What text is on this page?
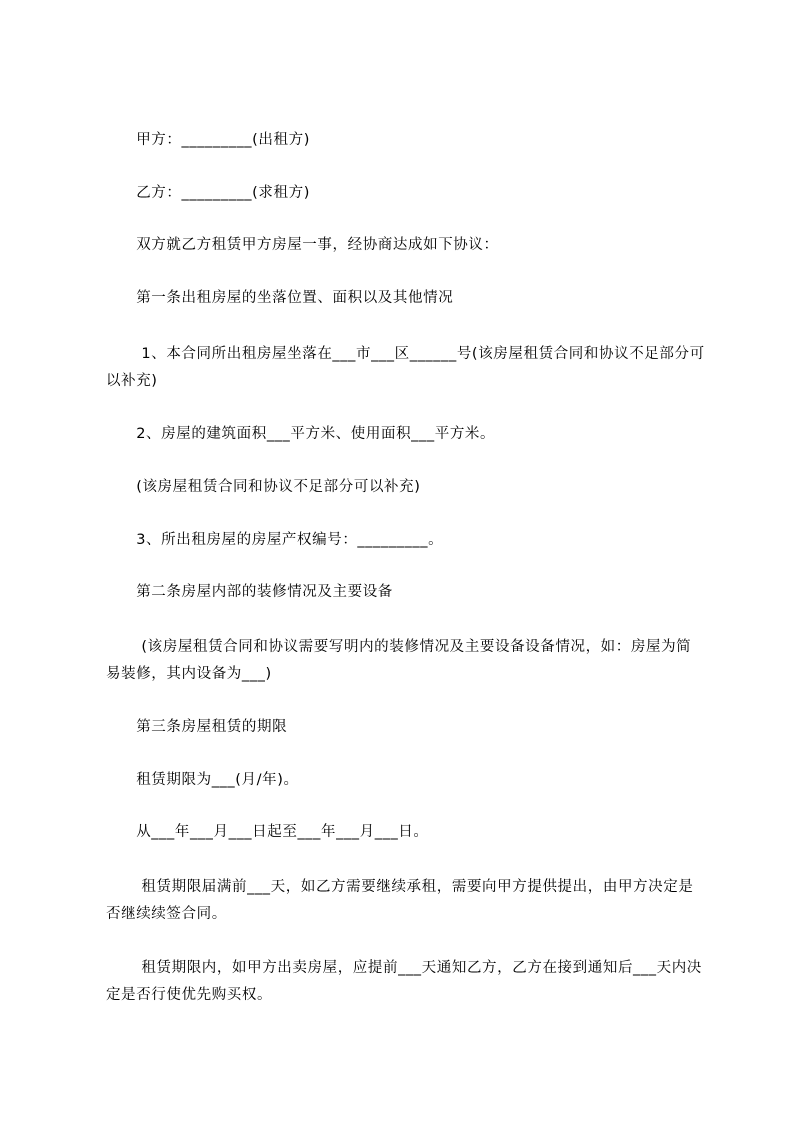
　　甲方：_________(出租方)

　　乙方：_________(求租方)

　　双方就乙方租赁甲方房屋一事，经协商达成如下协议：

　　第一条出租房屋的坐落位置、面积以及其他情况

　　 1、本合同所出租房屋坐落在___市___区______号(该房屋租赁合同和协议不足部分可以补充)

　　2、房屋的建筑面积___平方米、使用面积___平方米。

　　(该房屋租赁合同和协议不足部分可以补充)

　　3、所出租房屋的房屋产权编号：_________。

　　第二条房屋内部的装修情况及主要设备

　　 (该房屋租赁合同和协议需要写明内的装修情况及主要设备设备情况，如：房屋为简易装修，其内设备为___)

　　第三条房屋租赁的期限

　　租赁期限为___(月/年)。

　　从___年___月___日起至___年___月___日。

　　 租赁期限届满前___天，如乙方需要继续承租，需要向甲方提供提出，由甲方决定是否继续续签合同。

　　 租赁期限内，如甲方出卖房屋，应提前___天通知乙方，乙方在接到通知后___天内决定是否行使优先购买权。
